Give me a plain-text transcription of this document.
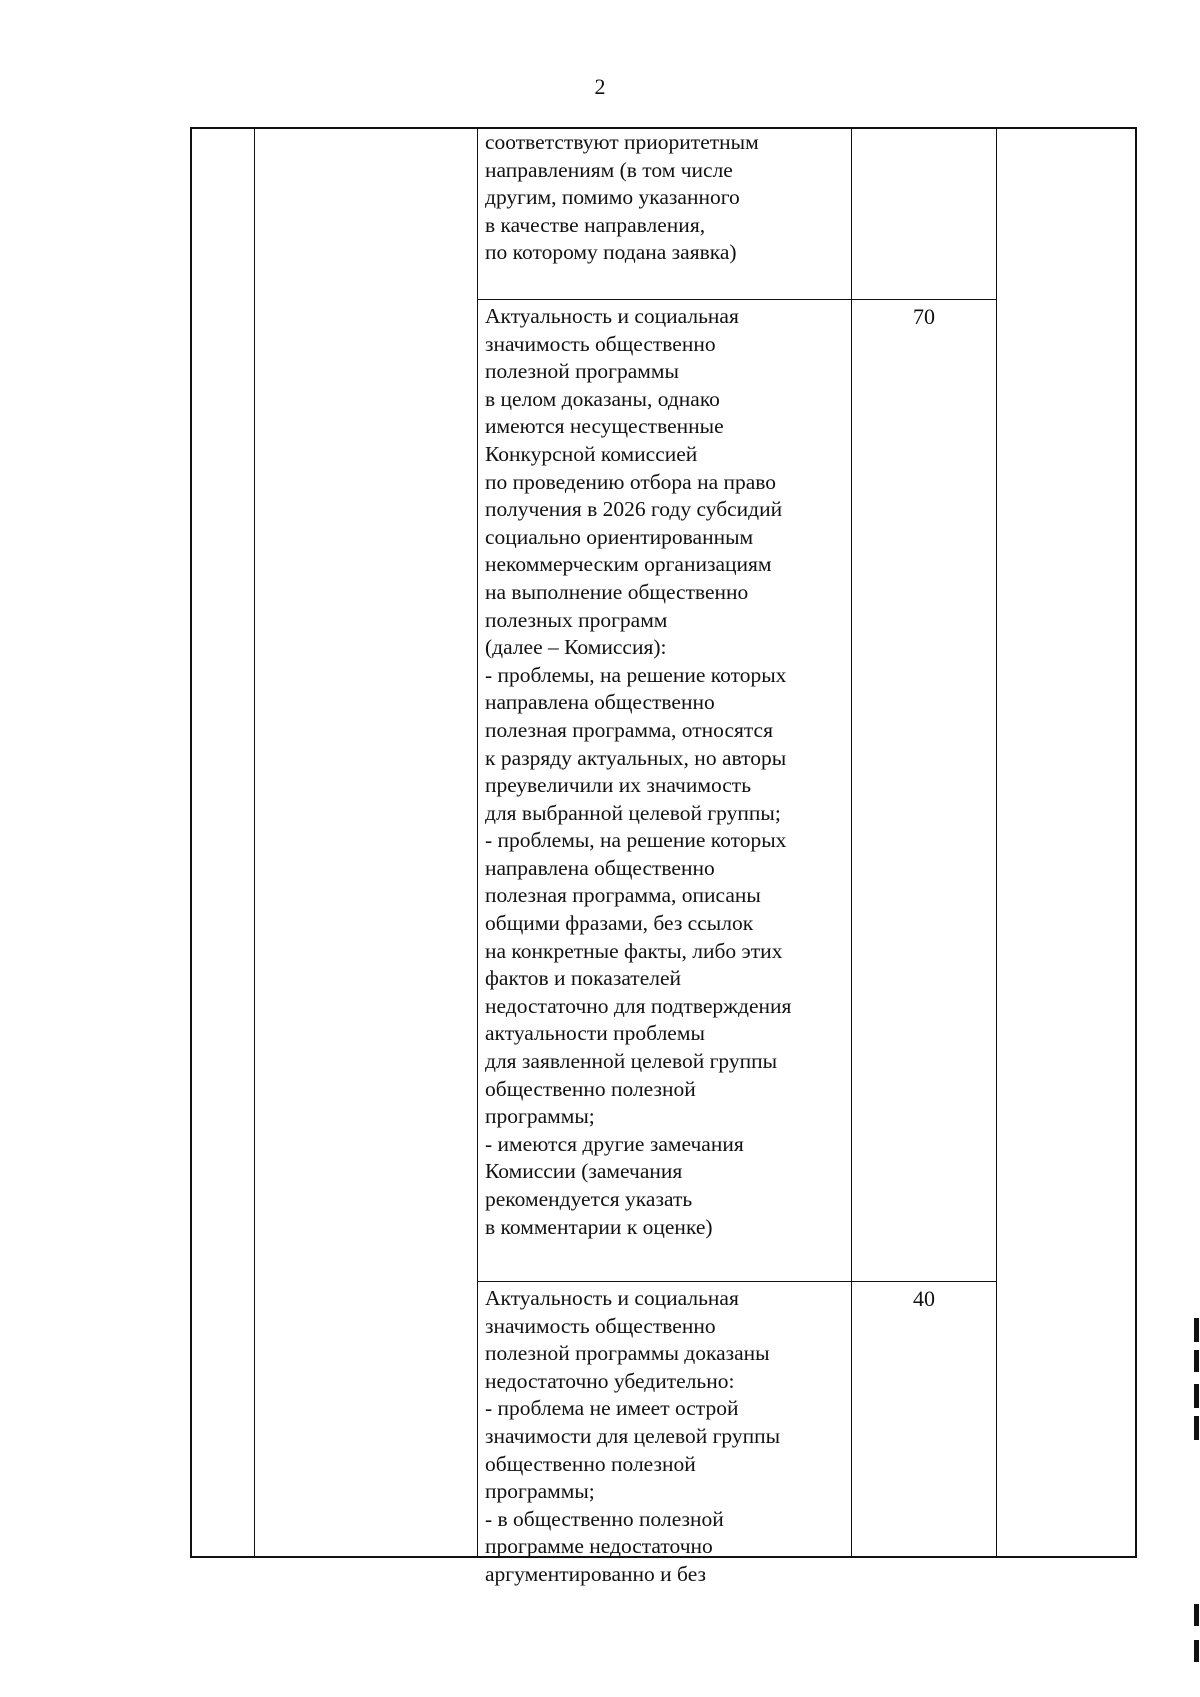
2

соответствуют приоритетным
направлениям (в том числе
другим, помимо указанного
в качестве направления,
по которому подана заявка)

Актуальность и социальная
значимость общественно
полезной программы
в целом доказаны, однако
имеются несущественные
Конкурсной комиссией
по проведению отбора на право
получения в 2026 году субсидий
социально ориентированным
некоммерческим организациям
на выполнение общественно
полезных программ
(далее – Комиссия):
- проблемы, на решение которых
направлена общественно
полезная программа, относятся
к разряду актуальных, но авторы
преувеличили их значимость
для выбранной целевой группы;
- проблемы, на решение которых
направлена общественно
полезная программа, описаны
общими фразами, без ссылок
на конкретные факты, либо этих
фактов и показателей
недостаточно для подтверждения
актуальности проблемы
для заявленной целевой группы
общественно полезной
программы;
- имеются другие замечания
Комиссии (замечания
рекомендуется указать
в комментарии к оценке)

70

Актуальность и социальная
значимость общественно
полезной программы доказаны
недостаточно убедительно:
- проблема не имеет острой
значимости для целевой группы
общественно полезной
программы;
- в общественно полезной
программе недостаточно
аргументированно и без

40
